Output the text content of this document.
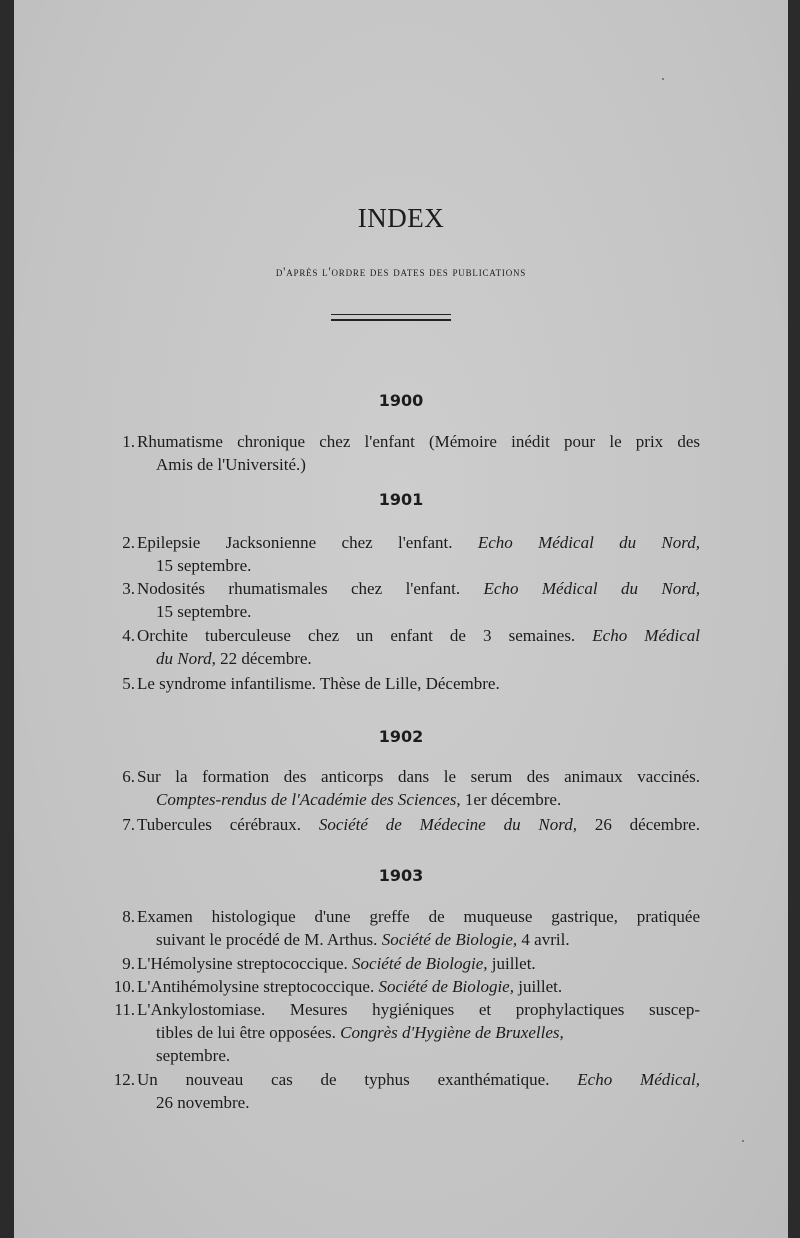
INDEX
d'après l'ordre des dates des publications
1900
1. Rhumatisme chronique chez l'enfant (Mémoire inédit pour le prix des
Amis de l'Université.)
1901
2. Epilepsie Jacksonienne chez l'enfant. Echo Médical du Nord,
15 septembre.
3. Nodosités rhumatismales chez l'enfant. Echo Médical du Nord,
15 septembre.
4. Orchite tuberculeuse chez un enfant de 3 semaines. Echo Médical
du Nord, 22 décembre.
5. Le syndrome infantilisme. Thèse de Lille, Décembre.
1902
6. Sur la formation des anticorps dans le serum des animaux vaccinés.
Comptes-rendus de l'Académie des Sciences, 1er décembre.
7. Tubercules cérébraux. Société de Médecine du Nord, 26 décembre.
1903
8. Examen histologique d'une greffe de muqueuse gastrique, pratiquée
suivant le procédé de M. Arthus. Société de Biologie, 4 avril.
9. L'Hémolysine streptococcique. Société de Biologie, juillet.
10. L'Antihémolysine streptococcique. Société de Biologie, juillet.
11. L'Ankylostomiase. Mesures hygiéniques et prophylactiques suscep-
tibles de lui être opposées. Congrès d'Hygiène de Bruxelles,
septembre.
12. Un nouveau cas de typhus exanthématique. Echo Médical,
26 novembre.
